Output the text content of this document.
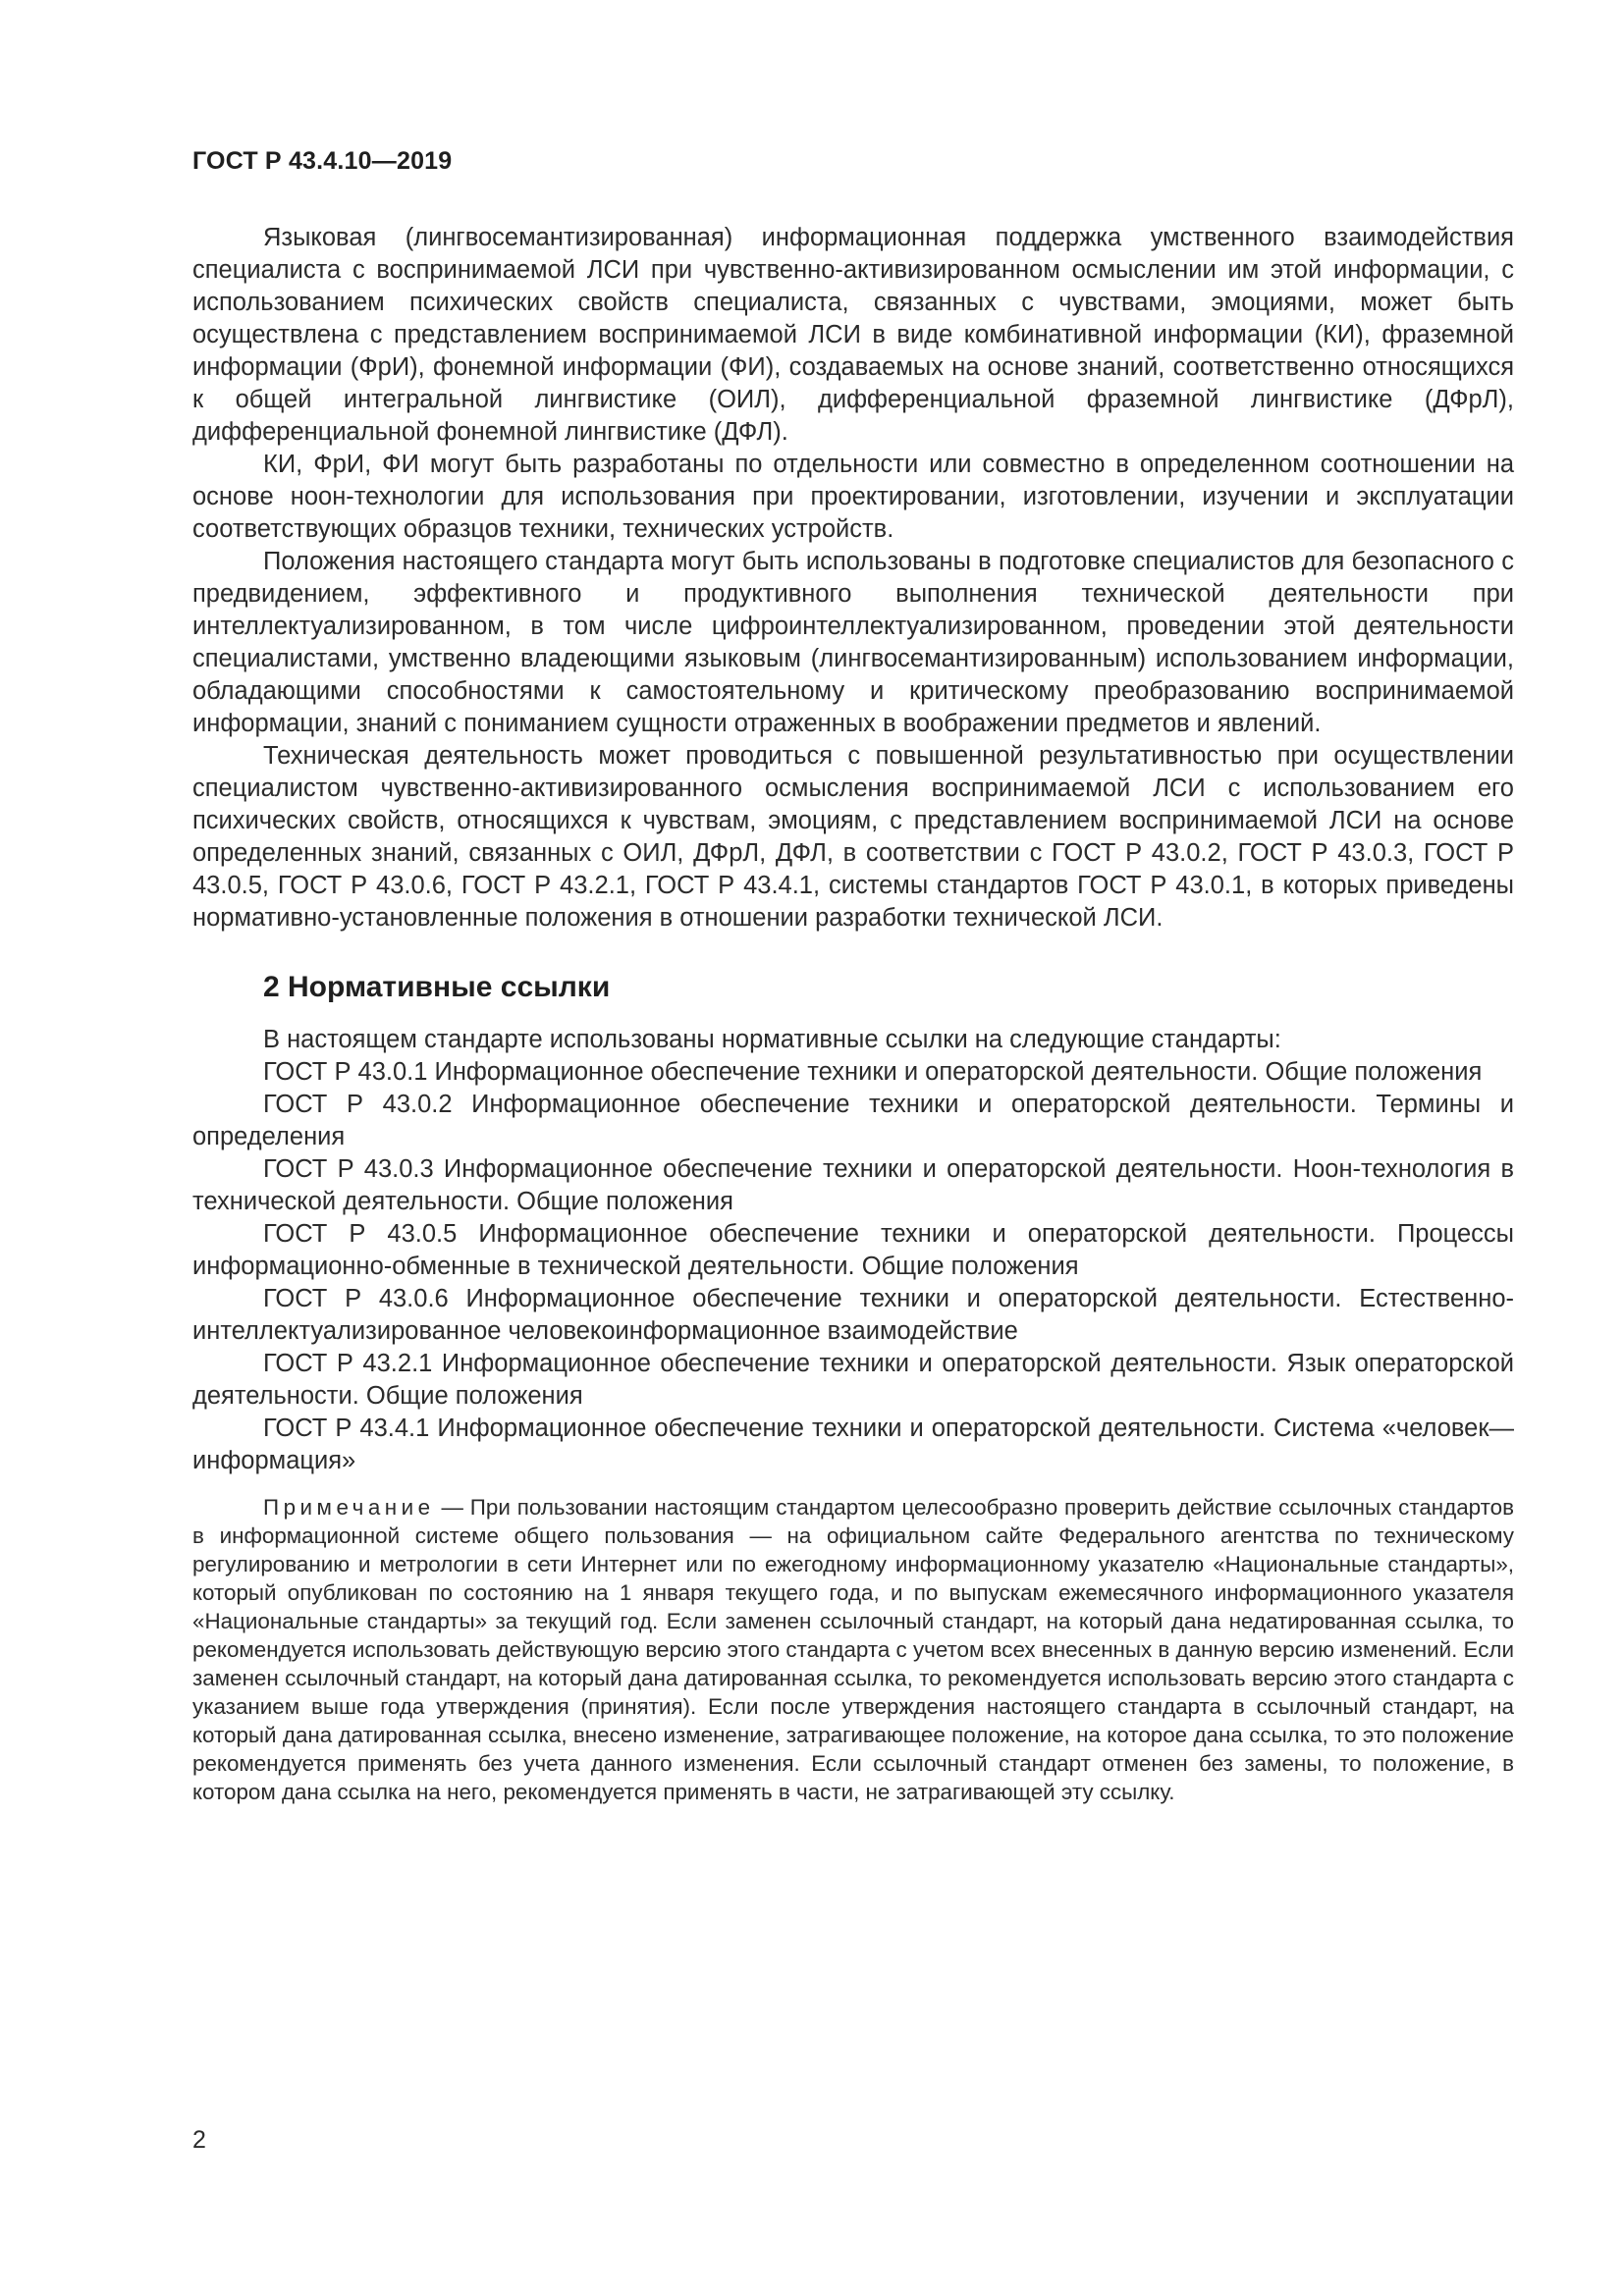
ГОСТ Р 43.4.10—2019

Языковая (лингвосемантизированная) информационная поддержка умственного взаимодействия специалиста с воспринимаемой ЛСИ при чувственно-активизированном осмыслении им этой информации, с использованием психических свойств специалиста, связанных с чувствами, эмоциями, может быть осуществлена с представлением воспринимаемой ЛСИ в виде комбинативной информации (КИ), фраземной информации (ФрИ), фонемной информации (ФИ), создаваемых на основе знаний, соответственно относящихся к общей интегральной лингвистике (ОИЛ), дифференциальной фраземной лингвистике (ДФрЛ), дифференциальной фонемной лингвистике (ДФЛ).

КИ, ФрИ, ФИ могут быть разработаны по отдельности или совместно в определенном соотношении на основе ноон-технологии для использования при проектировании, изготовлении, изучении и эксплуатации соответствующих образцов техники, технических устройств.

Положения настоящего стандарта могут быть использованы в подготовке специалистов для безопасного с предвидением, эффективного и продуктивного выполнения технической деятельности при интеллектуализированном, в том числе цифроинтеллектуализированном, проведении этой деятельности специалистами, умственно владеющими языковым (лингвосемантизированным) использованием информации, обладающими способностями к самостоятельному и критическому преобразованию воспринимаемой информации, знаний с пониманием сущности отраженных в воображении предметов и явлений.

Техническая деятельность может проводиться с повышенной результативностью при осуществлении специалистом чувственно-активизированного осмысления воспринимаемой ЛСИ с использованием его психических свойств, относящихся к чувствам, эмоциям, с представлением воспринимаемой ЛСИ на основе определенных знаний, связанных с ОИЛ, ДФрЛ, ДФЛ, в соответствии с ГОСТ Р 43.0.2, ГОСТ Р 43.0.3, ГОСТ Р 43.0.5, ГОСТ Р 43.0.6, ГОСТ Р 43.2.1, ГОСТ Р 43.4.1, системы стандартов ГОСТ Р 43.0.1, в которых приведены нормативно-установленные положения в отношении разработки технической ЛСИ.

2 Нормативные ссылки

В настоящем стандарте использованы нормативные ссылки на следующие стандарты:

ГОСТ Р 43.0.1 Информационное обеспечение техники и операторской деятельности. Общие положения

ГОСТ Р 43.0.2 Информационное обеспечение техники и операторской деятельности. Термины и определения

ГОСТ Р 43.0.3 Информационное обеспечение техники и операторской деятельности. Ноон-технология в технической деятельности. Общие положения

ГОСТ Р 43.0.5 Информационное обеспечение техники и операторской деятельности. Процессы информационно-обменные в технической деятельности. Общие положения

ГОСТ Р 43.0.6 Информационное обеспечение техники и операторской деятельности. Естественно-интеллектуализированное человекоинформационное взаимодействие

ГОСТ Р 43.2.1 Информационное обеспечение техники и операторской деятельности. Язык операторской деятельности. Общие положения

ГОСТ Р 43.4.1 Информационное обеспечение техники и операторской деятельности. Система «человек—информация»

Примечание — При пользовании настоящим стандартом целесообразно проверить действие ссылочных стандартов в информационной системе общего пользования — на официальном сайте Федерального агентства по техническому регулированию и метрологии в сети Интернет или по ежегодному информационному указателю «Национальные стандарты», который опубликован по состоянию на 1 января текущего года, и по выпускам ежемесячного информационного указателя «Национальные стандарты» за текущий год. Если заменен ссылочный стандарт, на который дана недатированная ссылка, то рекомендуется использовать действующую версию этого стандарта с учетом всех внесенных в данную версию изменений. Если заменен ссылочный стандарт, на который дана датированная ссылка, то рекомендуется использовать версию этого стандарта с указанием выше года утверждения (принятия). Если после утверждения настоящего стандарта в ссылочный стандарт, на который дана датированная ссылка, внесено изменение, затрагивающее положение, на которое дана ссылка, то это положение рекомендуется применять без учета данного изменения. Если ссылочный стандарт отменен без замены, то положение, в котором дана ссылка на него, рекомендуется применять в части, не затрагивающей эту ссылку.

2
